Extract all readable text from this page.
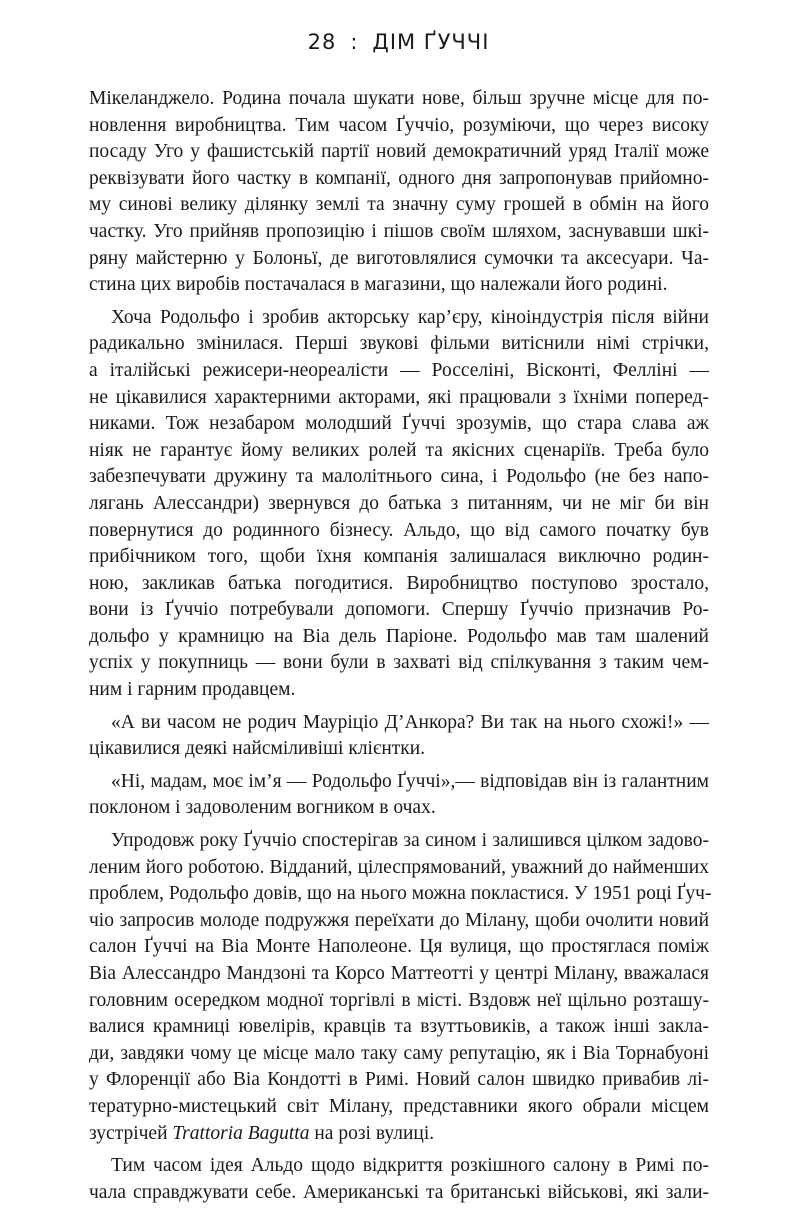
28 : ДІМ ҐУЧЧІ
Мікеланджело. Родина почала шукати нове, більш зручне місце для по-
новлення виробництва. Тим часом Ґуччіо, розуміючи, що через високу
посаду Уго у фашистській партії новий демократичний уряд Італії може
реквізувати його частку в компанії, одного дня запропонував прийомно-
му синові велику ділянку землі та значну суму грошей в обмін на його
частку. Уго прийняв пропозицію і пішов своїм шляхом, заснувавши шкі-
ряну майстерню у Болоньї, де виготовлялися сумочки та аксесуари. Ча-
стина цих виробів постачалася в магазини, що належали його родині.
Хоча Родольфо і зробив акторську кар’єру, кіноіндустрія після війни
радикально змінилася. Перші звукові фільми витіснили німі стрічки,
а італійські режисери-неореалісти — Росселіні, Вісконті, Фелліні —
не цікавилися характерними акторами, які працювали з їхніми поперед-
никами. Тож незабаром молодший Ґуччі зрозумів, що стара слава аж
ніяк не гарантує йому великих ролей та якісних сценаріїв. Треба було
забезпечувати дружину та малолітнього сина, і Родольфо (не без напо-
лягань Алессандри) звернувся до батька з питанням, чи не міг би він
повернутися до родинного бізнесу. Альдо, що від самого початку був
прибічником того, щоби їхня компанія залишалася виключно родин-
ною, закликав батька погодитися. Виробництво поступово зростало,
вони із Ґуччіо потребували допомоги. Спершу Ґуччіо призначив Ро-
дольфо у крамницю на Віа дель Паріоне. Родольфо мав там шалений
успіх у покупниць — вони були в захваті від спілкування з таким чем-
ним і гарним продавцем.
«А ви часом не родич Мауріціо Д’Анкора? Ви так на нього схожі!» —
цікавилися деякі найсміливіші клієнтки.
«Ні, мадам, моє ім’я — Родольфо Ґуччі»,— відповідав він із галантним
поклоном і задоволеним вогником в очах.
Упродовж року Ґуччіо спостерігав за сином і залишився цілком задово-
леним його роботою. Відданий, цілеспрямований, уважний до найменших
проблем, Родольфо довів, що на нього можна покластися. У 1951 році Ґуч-
чіо запросив молоде подружжя переїхати до Мілану, щоби очолити новий
салон Ґуччі на Віа Монте Наполеоне. Ця вулиця, що простяглася поміж
Віа Алессандро Мандзоні та Корсо Маттеотті у центрі Мілану, вважалася
головним осередком модної торгівлі в місті. Вздовж неї щільно розташу-
валися крамниці ювелірів, кравців та взуттьовиків, а також інші закла-
ди, завдяки чому це місце мало таку саму репутацію, як і Віа Торнабуоні
у Флоренції або Віа Кондотті в Римі. Новий салон швидко привабив лі-
тературно-мистецький світ Мілану, представники якого обрали місцем
зустрічей Trattoria Bagutta на розі вулиці.
Тим часом ідея Альдо щодо відкриття розкішного салону в Римі по-
чала справджувати себе. Американські та британські військові, які зали-
